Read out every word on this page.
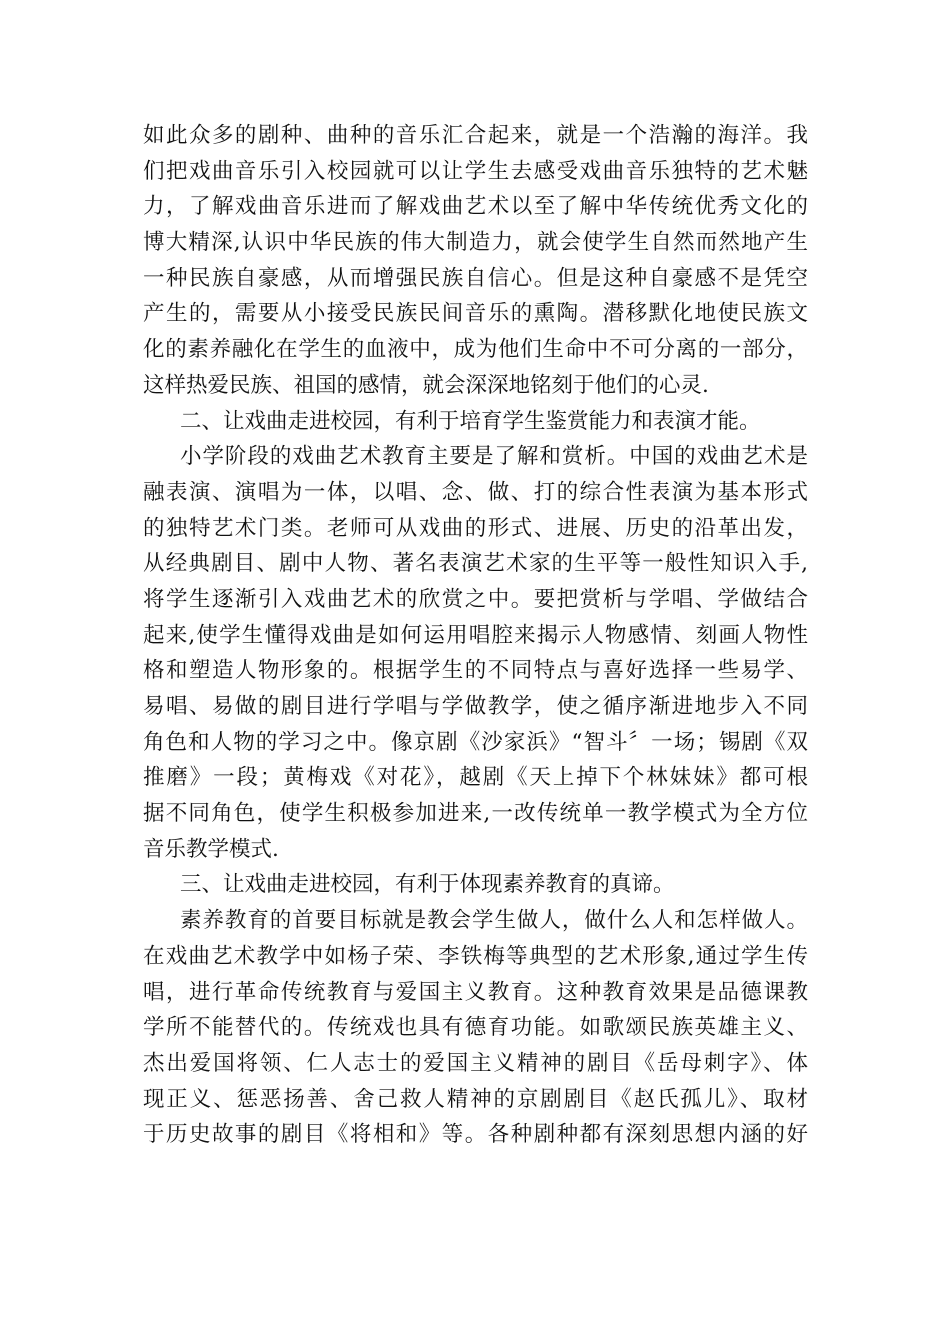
如此众多的剧种、曲种的音乐汇合起来，就是一个浩瀚的海洋。我
们把戏曲音乐引入校园就可以让学生去感受戏曲音乐独特的艺术魅
力，了解戏曲音乐进而了解戏曲艺术以至了解中华传统优秀文化的
博大精深,认识中华民族的伟大制造力，就会使学生自然而然地产生
一种民族自豪感，从而增强民族自信心。但是这种自豪感不是凭空
产生的，需要从小接受民族民间音乐的熏陶。潜移默化地使民族文
化的素养融化在学生的血液中，成为他们生命中不可分离的一部分，
这样热爱民族、祖国的感情，就会深深地铭刻于他们的心灵.
二、让戏曲走进校园，有利于培育学生鉴赏能力和表演才能。
小学阶段的戏曲艺术教育主要是了解和赏析。中国的戏曲艺术是
融表演、演唱为一体，以唱、念、做、打的综合性表演为基本形式
的独特艺术门类。老师可从戏曲的形式、进展、历史的沿革出发，
从经典剧目、剧中人物、著名表演艺术家的生平等一般性知识入手,
将学生逐渐引入戏曲艺术的欣赏之中。要把赏析与学唱、学做结合
起来,使学生懂得戏曲是如何运用唱腔来揭示人物感情、刻画人物性
格和塑造人物形象的。根据学生的不同特点与喜好选择一些易学、
易唱、易做的剧目进行学唱与学做教学，使之循序渐进地步入不同
角色和人物的学习之中。像京剧《沙家浜》“智斗〞一场；锡剧《双
推磨》一段；黄梅戏《对花》，越剧《天上掉下个林妹妹》都可根
据不同角色，使学生积极参加进来,一改传统单一教学模式为全方位
音乐教学模式.
三、让戏曲走进校园，有利于体现素养教育的真谛。
素养教育的首要目标就是教会学生做人，做什么人和怎样做人。
在戏曲艺术教学中如杨子荣、李铁梅等典型的艺术形象,通过学生传
唱，进行革命传统教育与爱国主义教育。这种教育效果是品德课教
学所不能替代的。传统戏也具有德育功能。如歌颂民族英雄主义、
杰出爱国将领、仁人志士的爱国主义精神的剧目《岳母刺字》、体
现正义、惩恶扬善、舍己救人精神的京剧剧目《赵氏孤儿》、取材
于历史故事的剧目《将相和》等。各种剧种都有深刻思想内涵的好
